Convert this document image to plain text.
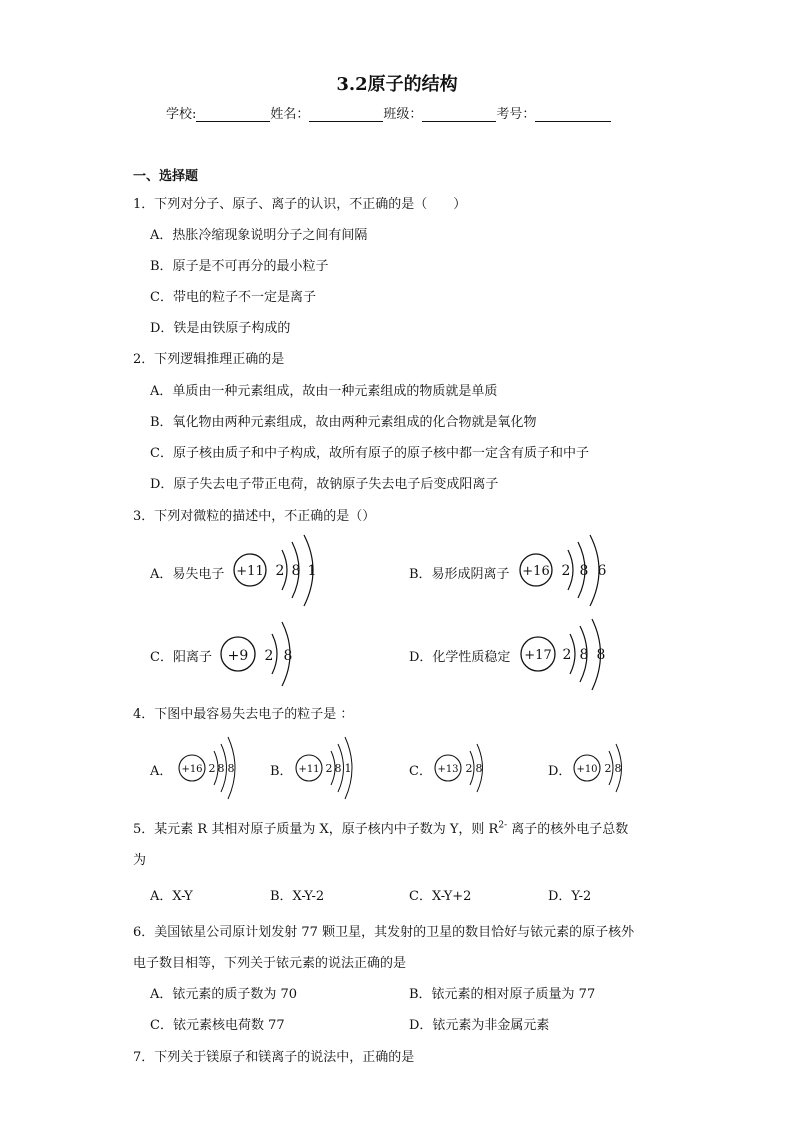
3.2原子的结构
学校:	姓名：	班级：	考号：
一、选择题
1．下列对分子、原子、离子的认识，不正确的是（　　）
A．热胀冷缩现象说明分子之间有间隔
B．原子是不可再分的最小粒子
C．带电的粒子不一定是离子
D．铁是由铁原子构成的
2．下列逻辑推理正确的是
A．单质由一种元素组成，故由一种元素组成的物质就是单质
B．氧化物由两种元素组成，故由两种元素组成的化合物就是氧化物
C．原子核由质子和中子构成，故所有原子的原子核中都一定含有质子和中子
D．原子失去电子带正电荷，故钠原子失去电子后变成阳离子
3．下列对微粒的描述中，不正确的是（）
A．易失电子 +11 2 8 1	B．易形成阴离子 +16 2 8 6
C．阳离子 +9 2 8	D．化学性质稳定 +17 2 8 8
4．下图中最容易失去电子的粒子是 ：
A． +16 2 8 8	B． +11 2 8 1	C． +13 2 8	D． +10 2 8
5．某元素 R 其相对原子质量为 X，原子核内中子数为 Y，则 $R^{2-}$ 离子的核外电子总数
为
A．X-Y	B．X-Y-2	C．X-Y+2	D．Y-2
6．美国铱星公司原计划发射 77 颗卫星，其发射的卫星的数目恰好与铱元素的原子核外
电子数目相等，下列关于铱元素的说法正确的是
A．铱元素的质子数为 70	B．铱元素的相对原子质量为 77
C．铱元素核电荷数 77	D．铱元素为非金属元素
7．下列关于镁原子和镁离子的说法中，正确的是
